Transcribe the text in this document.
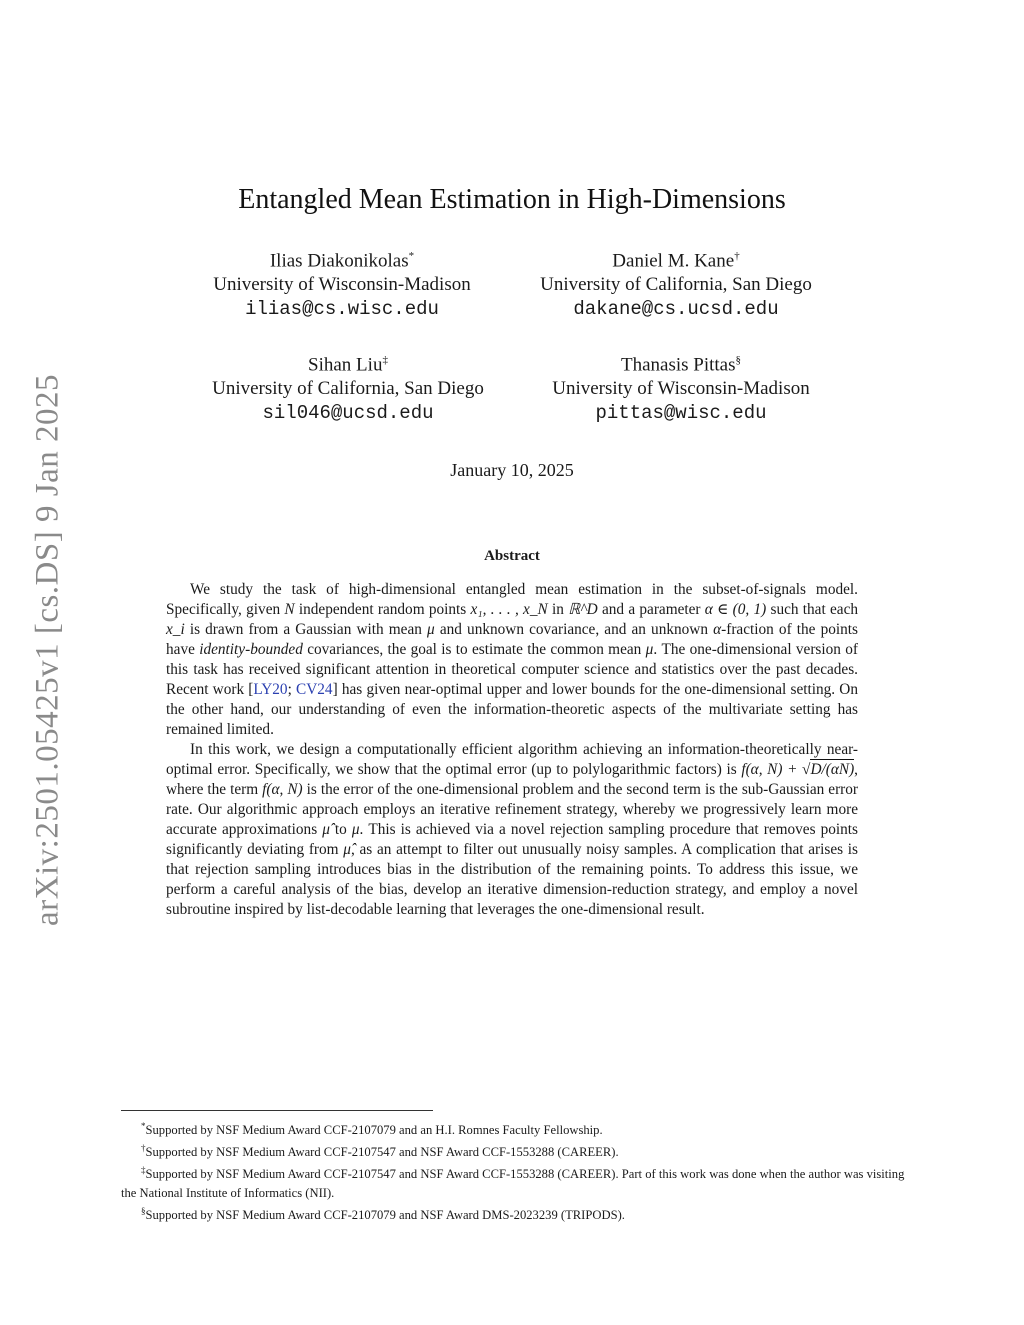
arXiv:2501.05425v1 [cs.DS] 9 Jan 2025
Entangled Mean Estimation in High-Dimensions
Ilias Diakonikolas*
University of Wisconsin-Madison
ilias@cs.wisc.edu
Daniel M. Kane†
University of California, San Diego
dakane@cs.ucsd.edu
Sihan Liu‡
University of California, San Diego
sil046@ucsd.edu
Thanasis Pittas§
University of Wisconsin-Madison
pittas@wisc.edu
January 10, 2025
Abstract

We study the task of high-dimensional entangled mean estimation in the subset-of-signals model. Specifically, given N independent random points x₁, . . . , x_N in ℝ^D and a parameter α ∈ (0, 1) such that each x_i is drawn from a Gaussian with mean μ and unknown covariance, and an unknown α-fraction of the points have identity-bounded covariances, the goal is to estimate the common mean μ. The one-dimensional version of this task has received significant attention in theoretical computer science and statistics over the past decades. Recent work [LY20; CV24] has given near-optimal upper and lower bounds for the one-dimensional setting. On the other hand, our understanding of even the information-theoretic aspects of the multivariate setting has remained limited.

In this work, we design a computationally efficient algorithm achieving an information-theoretically near-optimal error. Specifically, we show that the optimal error (up to polylogarithmic factors) is f(α, N) + √D/(αN), where the term f(α, N) is the error of the one-dimensional problem and the second term is the sub-Gaussian error rate. Our algorithmic approach employs an iterative refinement strategy, whereby we progressively learn more accurate approximations μ̂ to μ. This is achieved via a novel rejection sampling procedure that removes points significantly deviating from μ̂, as an attempt to filter out unusually noisy samples. A complication that arises is that rejection sampling introduces bias in the distribution of the remaining points. To address this issue, we perform a careful analysis of the bias, develop an iterative dimension-reduction strategy, and employ a novel subroutine inspired by list-decodable learning that leverages the one-dimensional result.

*Supported by NSF Medium Award CCF-2107079 and an H.I. Romnes Faculty Fellowship.
†Supported by NSF Medium Award CCF-2107547 and NSF Award CCF-1553288 (CAREER).
‡Supported by NSF Medium Award CCF-2107547 and NSF Award CCF-1553288 (CAREER). Part of this work was done when the author was visiting the National Institute of Informatics (NII).
§Supported by NSF Medium Award CCF-2107079 and NSF Award DMS-2023239 (TRIPODS).
